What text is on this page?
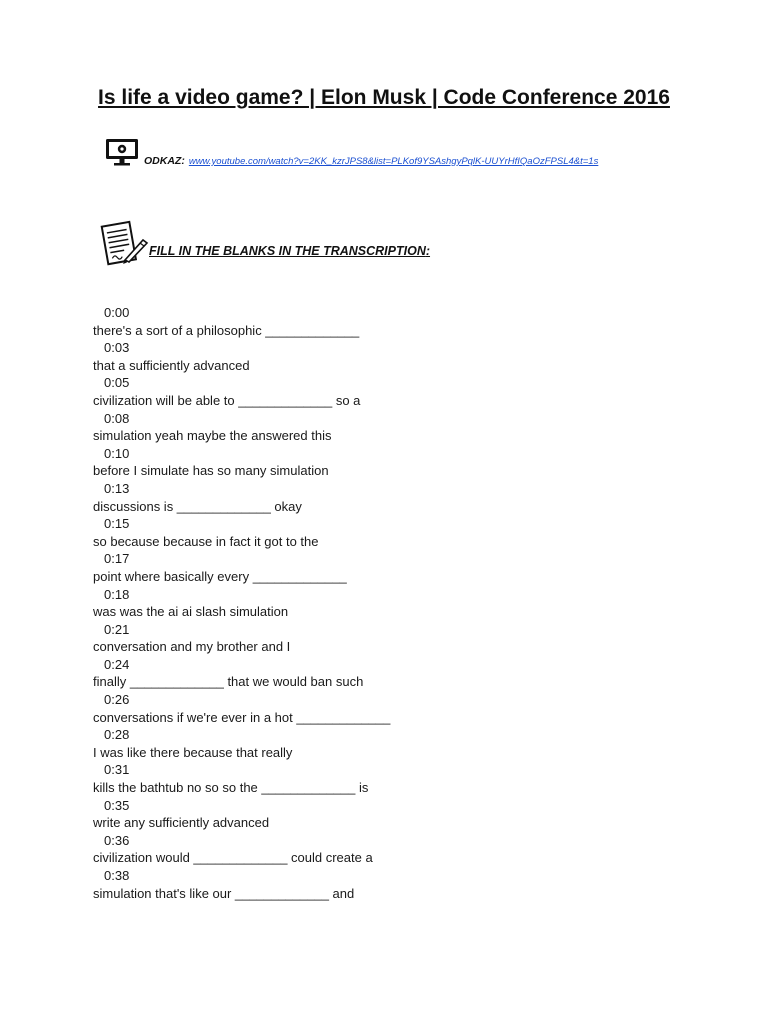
Is life a video game? | Elon Musk | Code Conference 2016
ODKAZ: www.youtube.com/watch?v=2KK_kzrJPS8&list=PLKof9YSAshgyPqlK-UUYrHfIQaOzFPSL4&t=1s
FILL IN THE BLANKS IN THE TRANSCRIPTION:
0:00
there's a sort of a philosophic _____________
0:03
that a sufficiently advanced
0:05
civilization will be able to _____________ so a
0:08
simulation yeah maybe the answered this
0:10
before I simulate has so many simulation
0:13
discussions is _____________ okay
0:15
so because because in fact it got to the
0:17
point where basically every _____________
0:18
was was the ai ai slash simulation
0:21
conversation and my brother and I
0:24
finally _____________ that we would ban such
0:26
conversations if we're ever in a hot _____________
0:28
I was like there because that really
0:31
kills the bathtub no so so the _____________ is
0:35
write any sufficiently advanced
0:36
civilization would _____________ could create a
0:38
simulation that's like our _____________ and
